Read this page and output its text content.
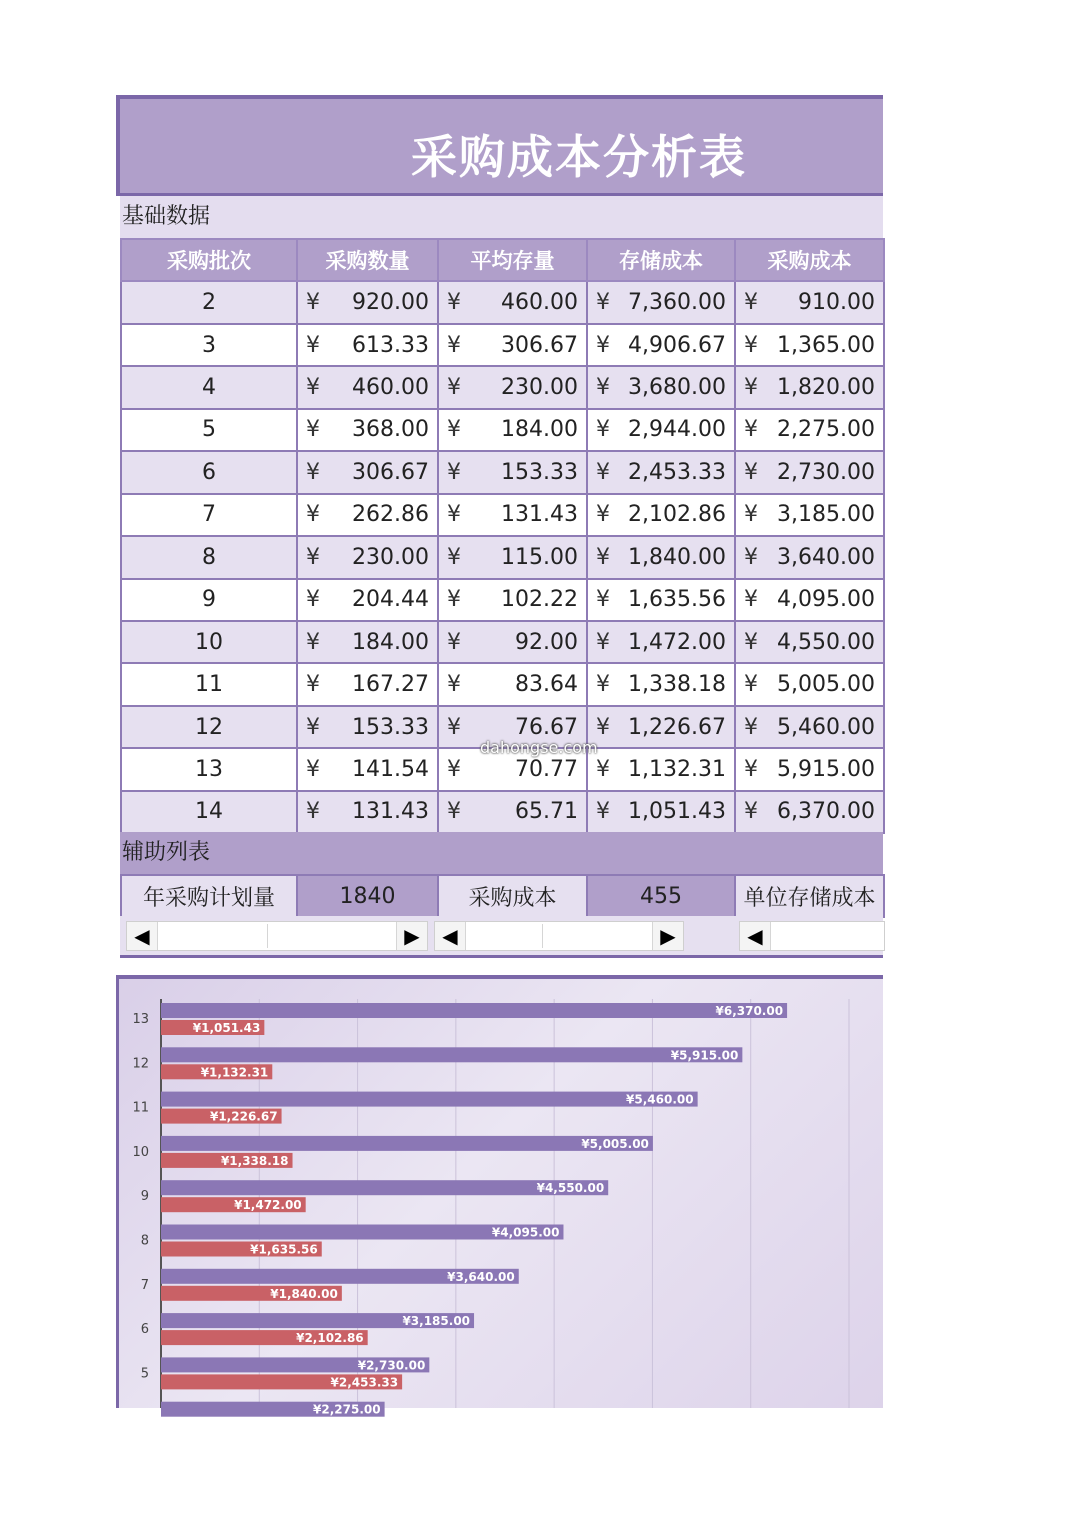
采购成本分析表
基础数据
采购批次	采购数量	平均存量	存储成本	采购成本
2	¥ 920.00	¥ 460.00	¥ 7,360.00	¥ 910.00

3	¥ 613.33	¥ 306.67	¥ 4,906.67	¥ 1,365.00

4	¥ 460.00	¥ 230.00	¥ 3,680.00	¥ 1,820.00

5	¥ 368.00	¥ 184.00	¥ 2,944.00	¥ 2,275.00

6	¥ 306.67	¥ 153.33	¥ 2,453.33	¥ 2,730.00

7	¥ 262.86	¥ 131.43	¥ 2,102.86	¥ 3,185.00

8	¥ 230.00	¥ 115.00	¥ 1,840.00	¥ 3,640.00

9	¥ 204.44	¥ 102.22	¥ 1,635.56	¥ 4,095.00

10	¥ 184.00	¥ 92.00	¥ 1,472.00	¥ 4,550.00

11	¥ 167.27	¥ 83.64	¥ 1,338.18	¥ 5,005.00

12	¥ 153.33	¥ 76.67	¥ 1,226.67	¥ 5,460.00

13	¥ 141.54	¥ 70.77	¥ 1,132.31	¥ 5,915.00

14	¥ 131.43	¥ 65.71	¥ 1,051.43	¥ 6,370.00
辅助列表
年采购计划量	1840	采购成本	455	单位存储成本
◀	▶	◀	▶	◀
dahongse.com
¥6,370.00
¥1,051.43
13
¥5,915.00
¥1,132.31
12
¥5,460.00
¥1,226.67
11
¥5,005.00
¥1,338.18
10
¥4,550.00
¥1,472.00
9
¥4,095.00
¥1,635.56
8
¥3,640.00
¥1,840.00
7
¥3,185.00
¥2,102.86
6
¥2,730.00
¥2,453.33
5
¥2,275.00
